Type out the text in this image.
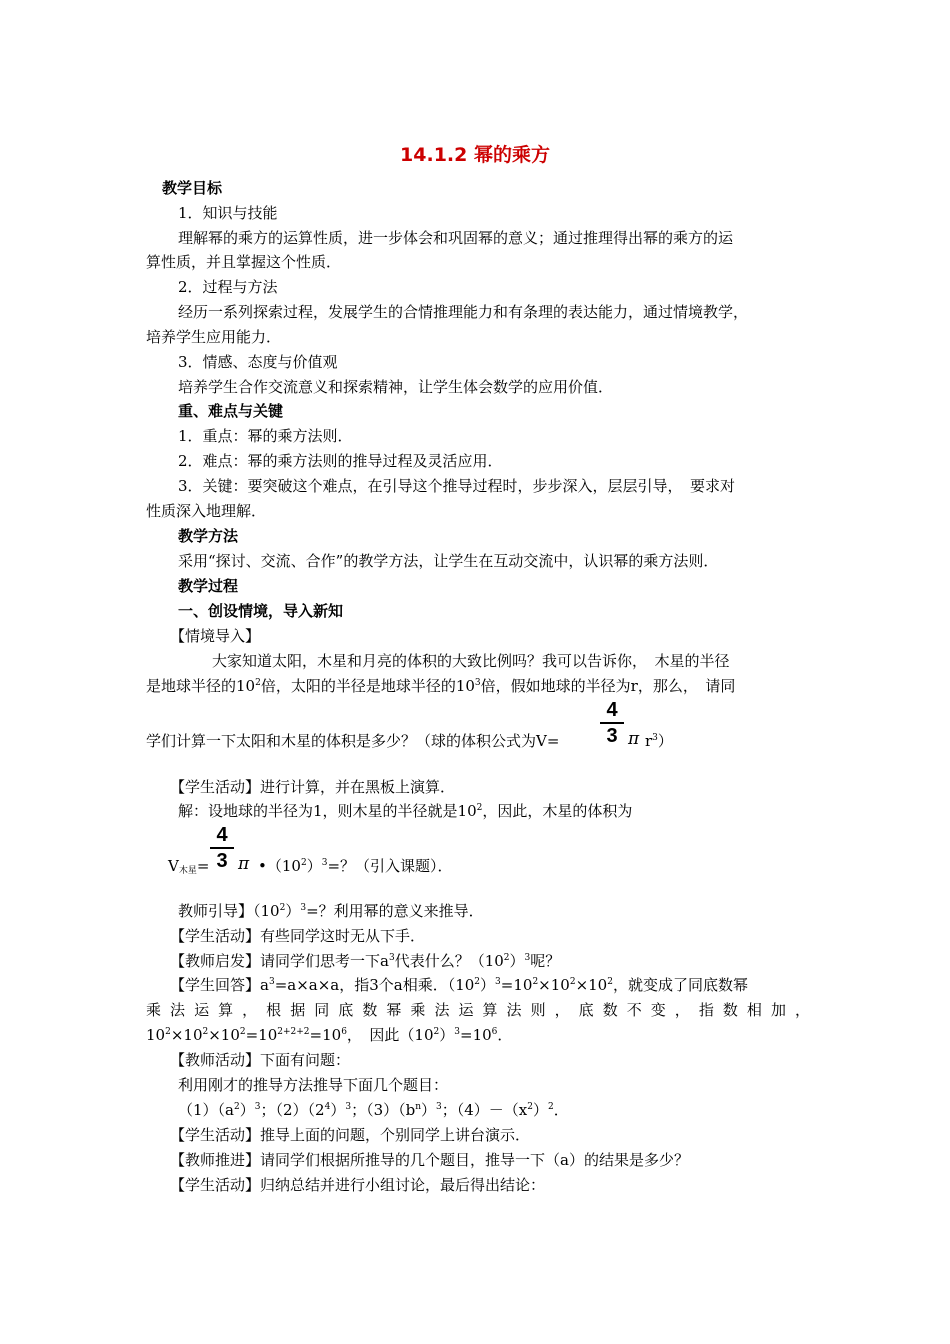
14.1.2 幂的乘方
教学目标
1．知识与技能
理解幂的乘方的运算性质，进一步体会和巩固幂的意义；通过推理得出幂的乘方的运
算性质，并且掌握这个性质．
2．过程与方法
经历一系列探索过程，发展学生的合情推理能力和有条理的表达能力，通过情境教学，
培养学生应用能力．
3．情感、态度与价值观
培养学生合作交流意义和探索精神，让学生体会数学的应用价值．
重、难点与关键
1．重点：幂的乘方法则．
2．难点：幂的乘方法则的推导过程及灵活应用．
3．关键：要突破这个难点，在引导这个推导过程时，步步深入，层层引导，　要求对
性质深入地理解．
教学方法
采用“探讨、交流、合作”的教学方法，让学生在互动交流中，认识幂的乘方法则．
教学过程
一、创设情境，导入新知
【情境导入】
大家知道太阳，木星和月亮的体积的大致比例吗？我可以告诉你，　木星的半径
是地球半径的$10^2$倍，太阳的半径是地球半径的$10^3$倍，假如地球的半径为r，那么，　请同
学们计算一下太阳和木星的体积是多少？（球的体积公式为V=
4
3 π $r^3$）
【学生活动】进行计算，并在黑板上演算．
解：设地球的半径为1，则木星的半径就是$10^2$，因此，木星的体积为
$V_{木星}=$
4
3 π $•(10^2)^3=$？（引入课题）．
教师引导】$(10^2)^3=$？利用幂的意义来推导．
【学生活动】有些同学这时无从下手．
【教师启发】请同学们思考一下$a^3$代表什么？$(10^2)^3$呢？
【学生回答】$a^3=a\times a\times a$，指3个a相乘．$(10^2)^3=10^2\times 10^2\times 10^2$，就变成了同底数幂
乘 法 运 算 ， 根 据 同 底 数 幂 乘 法 运 算 法 则 ， 底 数 不 变 ， 指 数 相 加 ，
$10^2\times 10^2\times 10^2=10^{2+2+2}=10^6$，　因此$(10^2)^3=10^6$．
【教师活动】下面有问题：
利用刚才的推导方法推导下面几个题目：
$(1)(a^2)^3$；$(2)(2^4)^3$；$(3)(b^n)^3$；$(4)-(x^2)^2$．
【学生活动】推导上面的问题，个别同学上讲台演示．
【教师推进】请同学们根据所推导的几个题目，推导一下（a）的结果是多少？
【学生活动】归纳总结并进行小组讨论，最后得出结论：
